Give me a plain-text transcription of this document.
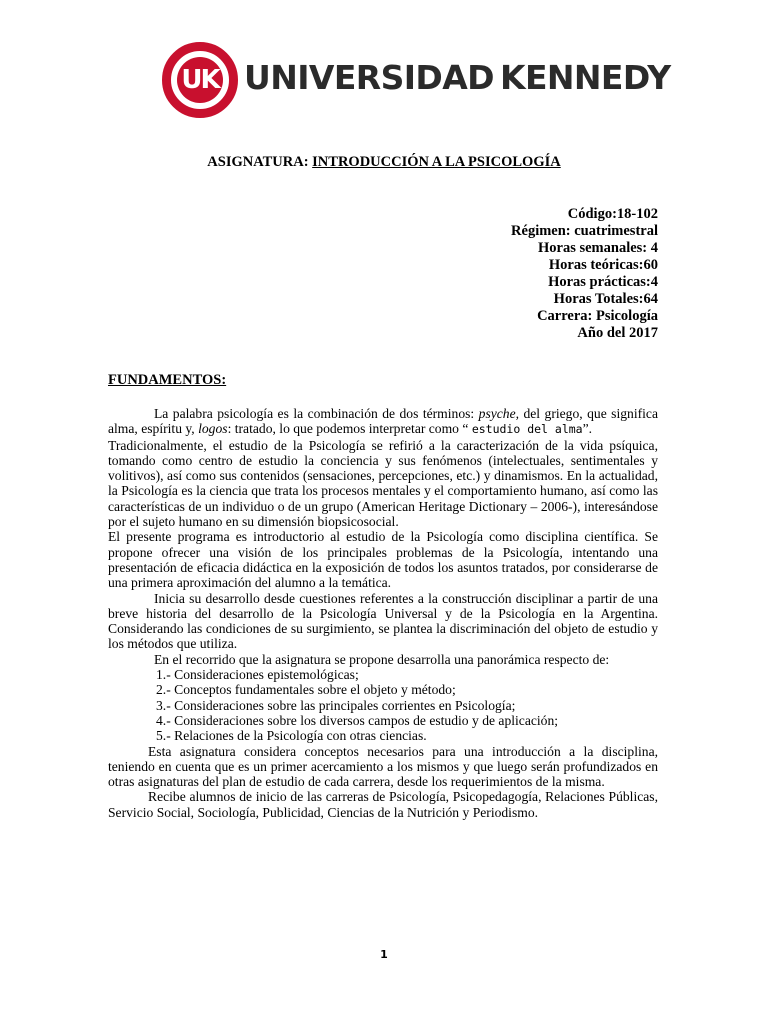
UK UNIVERSIDAD KENNEDY
ASIGNATURA: INTRODUCCIÓN A LA PSICOLOGÍA
Código:18-102
Régimen: cuatrimestral
Horas semanales: 4
Horas teóricas:60
Horas prácticas:4
Horas Totales:64
Carrera: Psicología
Año del 2017
FUNDAMENTOS:

La palabra psicología es la combinación de dos términos: psyche, del griego, que significa alma, espíritu y, logos: tratado, lo que podemos interpretar como “ estudio del alma”.

Tradicionalmente, el estudio de la Psicología se refirió a la caracterización de la vida psíquica, tomando como centro de estudio la conciencia y sus fenómenos (intelectuales, sentimentales y volitivos), así como sus contenidos (sensaciones, percepciones, etc.) y dinamismos. En la actualidad, la Psicología es la ciencia que trata los procesos mentales y el comportamiento humano, así como las características de un individuo o de un grupo (American Heritage Dictionary – 2006-), interesándose por el sujeto humano en su dimensión biopsicosocial.

El presente programa es introductorio al estudio de la Psicología como disciplina científica. Se propone ofrecer una visión de los principales problemas de la Psicología, intentando una presentación de eficacia didáctica en la exposición de todos los asuntos tratados, por considerarse de una primera aproximación del alumno a la temática.

Inicia su desarrollo desde cuestiones referentes a la construcción disciplinar a partir de una breve historia del desarrollo de la Psicología Universal y de la Psicología en la Argentina. Considerando las condiciones de su surgimiento, se plantea la discriminación del objeto de estudio y los métodos que utiliza.

En el recorrido que la asignatura se propone desarrolla una panorámica respecto de:

1.- Consideraciones epistemológicas;

2.- Conceptos fundamentales sobre el objeto y método;

3.- Consideraciones sobre las principales corrientes en Psicología;

4.- Consideraciones sobre los diversos campos de estudio y de aplicación;

5.- Relaciones de la Psicología con otras ciencias.

Esta asignatura considera conceptos necesarios para una introducción a la disciplina, teniendo en cuenta que es un primer acercamiento a los mismos y que luego serán profundizados en otras asignaturas del plan de estudio de cada carrera, desde los requerimientos de la misma.

Recibe alumnos de inicio de las carreras de Psicología, Psicopedagogía, Relaciones Públicas, Servicio Social, Sociología, Publicidad, Ciencias de la Nutrición y Periodismo.

1
